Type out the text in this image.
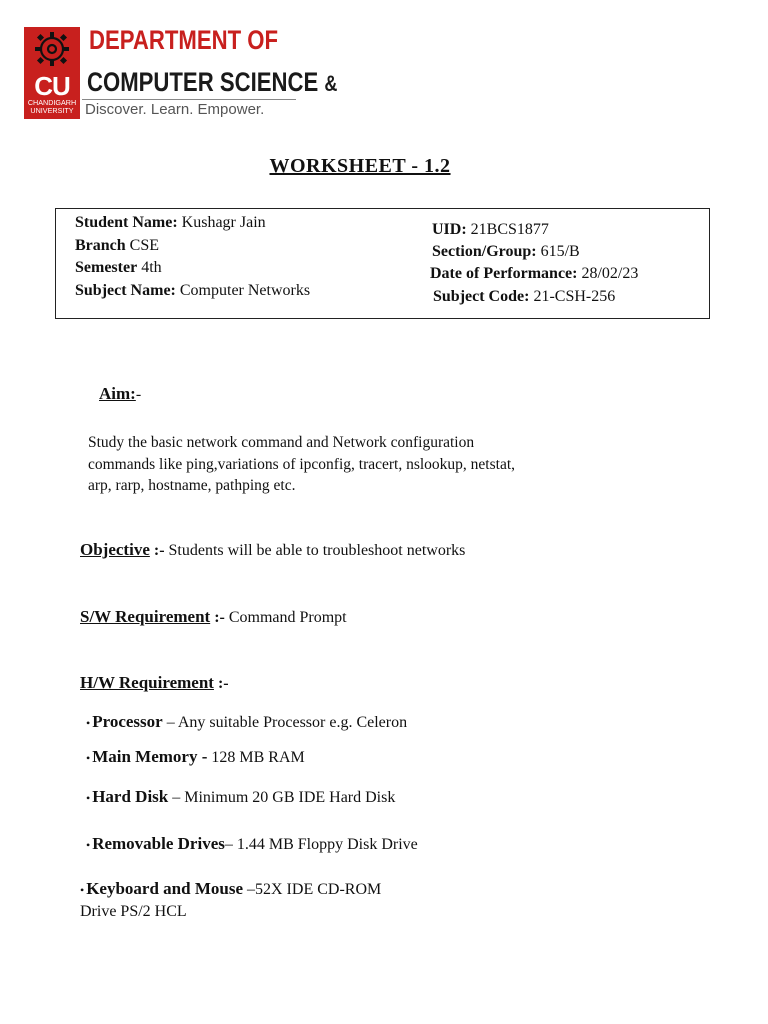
CU
CHANDIGARH
UNIVERSITY
DEPARTMENT OF
COMPUTER SCIENCE &
Discover. Learn. Empower.
WORKSHEET - 1.2
Student Name: Kushagr Jain
Branch CSE
Semester 4th
Subject Name: Computer Networks
UID: 21BCS1877
Section/Group: 615/B
Date of Performance: 28/02/23
Subject Code: 21-CSH-256
Aim:-
Study the basic network command and Network configuration
commands like ping,variations of ipconfig, tracert, nslookup, netstat,
arp, rarp, hostname, pathping etc.
Objective :- Students will be able to troubleshoot networks
S/W Requirement :- Command Prompt
H/W Requirement :-
• Processor – Any suitable Processor e.g. Celeron
• Main Memory - 128 MB RAM
• Hard Disk – Minimum 20 GB IDE Hard Disk
• Removable Drives– 1.44 MB Floppy Disk Drive
• Keyboard and Mouse –52X IDE CD-ROM
Drive PS/2 HCL
